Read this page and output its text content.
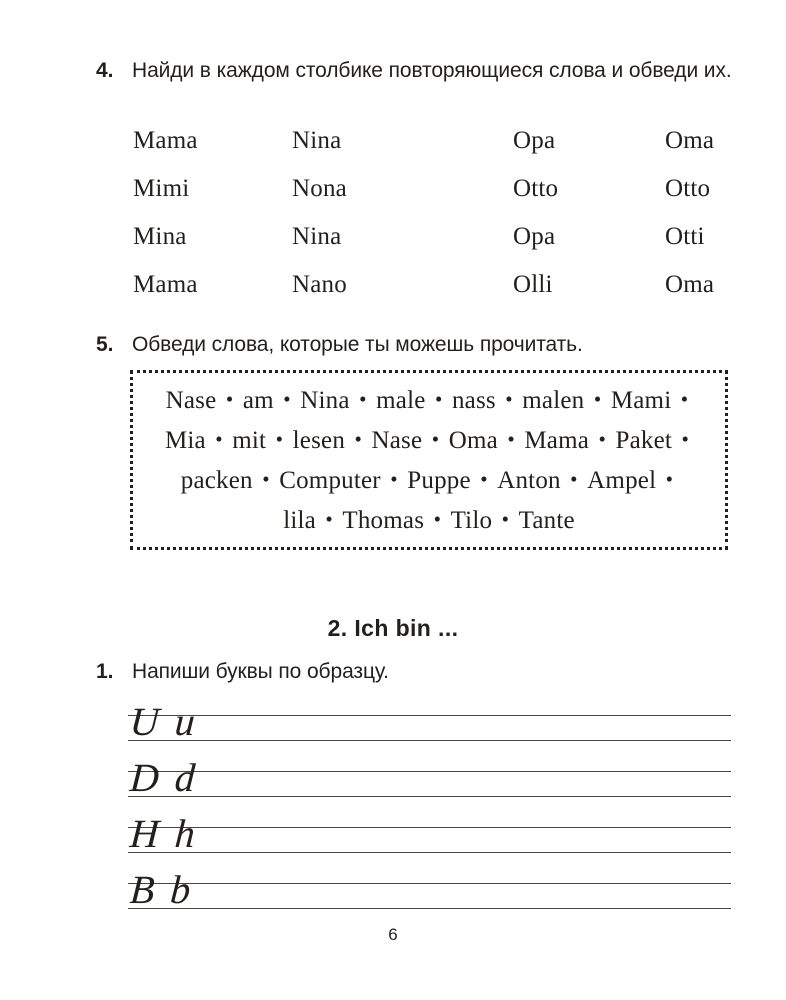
4. Найди в каждом столбике повторяющиеся слова и обведи их.
Mama	Nina	Opa	Oma
Mimi	Nona	Otto	Otto
Mina	Nina	Opa	Otti
Mama	Nano	Olli	Oma
5. Обведи слова, которые ты можешь прочитать.
Nase • am • Nina • male • nass • malen • Mami •
Mia • mit • lesen • Nase • Oma • Mama • Paket •
packen • Computer • Puppe • Anton • Ampel •
lila • Thomas • Tilo • Tante
2. Ich bin ...
1. Напиши буквы по образцу.
U u
D d
H h
B b
6
